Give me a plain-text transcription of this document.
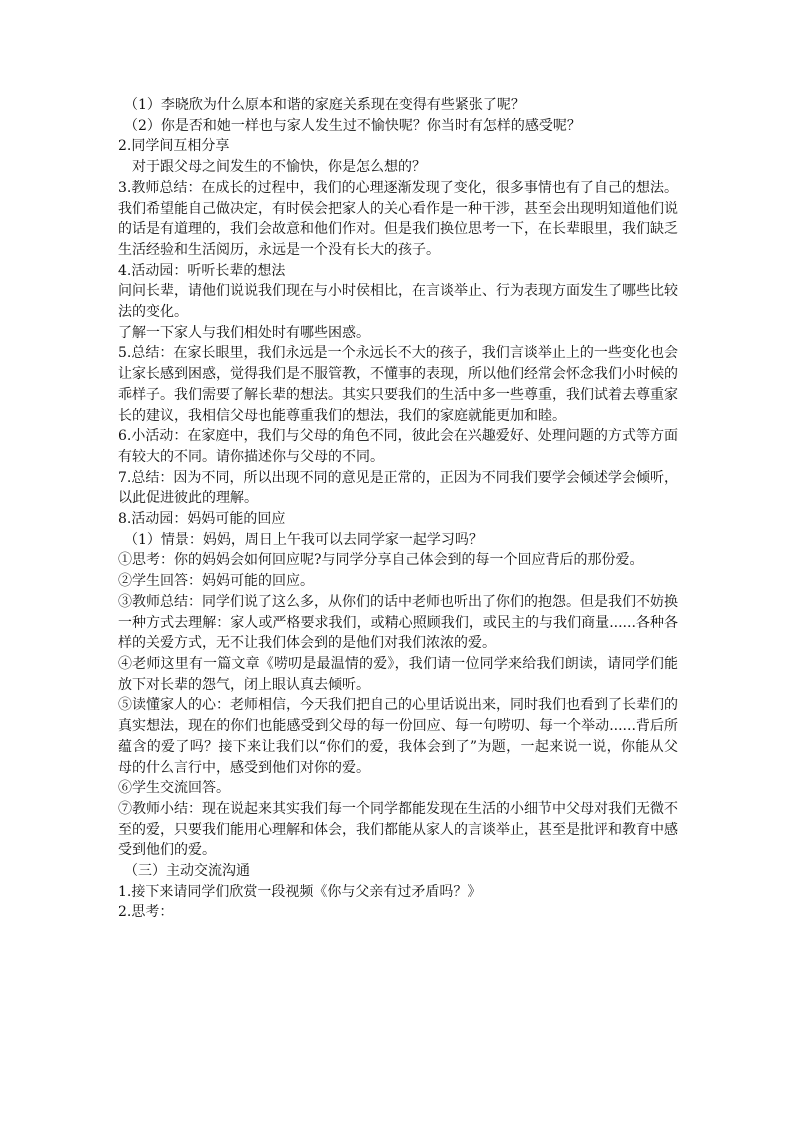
（1）李晓欣为什么原本和谐的家庭关系现在变得有些紧张了呢？

（2）你是否和她一样也与家人发生过不愉快呢？你当时有怎样的感受呢？

2.同学间互相分享

对于跟父母之间发生的不愉快，你是怎么想的？

3.教师总结：在成长的过程中，我们的心理逐渐发现了变化，很多事情也有了自己的想法。我们希望能自己做决定，有时侯会把家人的关心看作是一种干涉，甚至会出现明知道他们说的话是有道理的，我们会故意和他们作对。但是我们换位思考一下，在长辈眼里，我们缺乏生活经验和生活阅历，永远是一个没有长大的孩子。

4.活动园：听听长辈的想法

问问长辈，请他们说说我们现在与小时侯相比，在言谈举止、行为表现方面发生了哪些比较法的变化。

了解一下家人与我们相处时有哪些困惑。

5.总结：在家长眼里，我们永远是一个永远长不大的孩子，我们言谈举止上的一些变化也会让家长感到困惑，觉得我们是不服管教，不懂事的表现，所以他们经常会怀念我们小时候的乖样子。我们需要了解长辈的想法。其实只要我们的生活中多一些尊重，我们试着去尊重家长的建议，我相信父母也能尊重我们的想法，我们的家庭就能更加和睦。

6.小活动：在家庭中，我们与父母的角色不同，彼此会在兴趣爱好、处理问题的方式等方面有较大的不同。请你描述你与父母的不同。

7.总结：因为不同，所以出现不同的意见是正常的，正因为不同我们要学会倾述学会倾听，以此促进彼此的理解。

8.活动园：妈妈可能的回应

（1）情景：妈妈，周日上午我可以去同学家一起学习吗？

①思考：你的妈妈会如何回应呢?与同学分享自己体会到的每一个回应背后的那份爱。

②学生回答：妈妈可能的回应。

③教师总结：同学们说了这么多，从你们的话中老师也听出了你们的抱怨。但是我们不妨换一种方式去理解：家人或严格要求我们，或精心照顾我们，或民主的与我们商量......各种各样的关爱方式，无不让我们体会到的是他们对我们浓浓的爱。

④老师这里有一篇文章《唠叨是最温情的爱》，我们请一位同学来给我们朗读，请同学们能放下对长辈的怨气，闭上眼认真去倾听。

⑤读懂家人的心：老师相信，今天我们把自己的心里话说出来，同时我们也看到了长辈们的真实想法，现在的你们也能感受到父母的每一份回应、每一句唠叨、每一个举动......背后所蕴含的爱了吗？接下来让我们以“你们的爱，我体会到了”为题，一起来说一说，你能从父母的什么言行中，感受到他们对你的爱。

⑥学生交流回答。

⑦教师小结：现在说起来其实我们每一个同学都能发现在生活的小细节中父母对我们无微不至的爱，只要我们能用心理解和体会，我们都能从家人的言谈举止，甚至是批评和教育中感受到他们的爱。

（三）主动交流沟通

1.接下来请同学们欣赏一段视频《你与父亲有过矛盾吗？》

2.思考：
